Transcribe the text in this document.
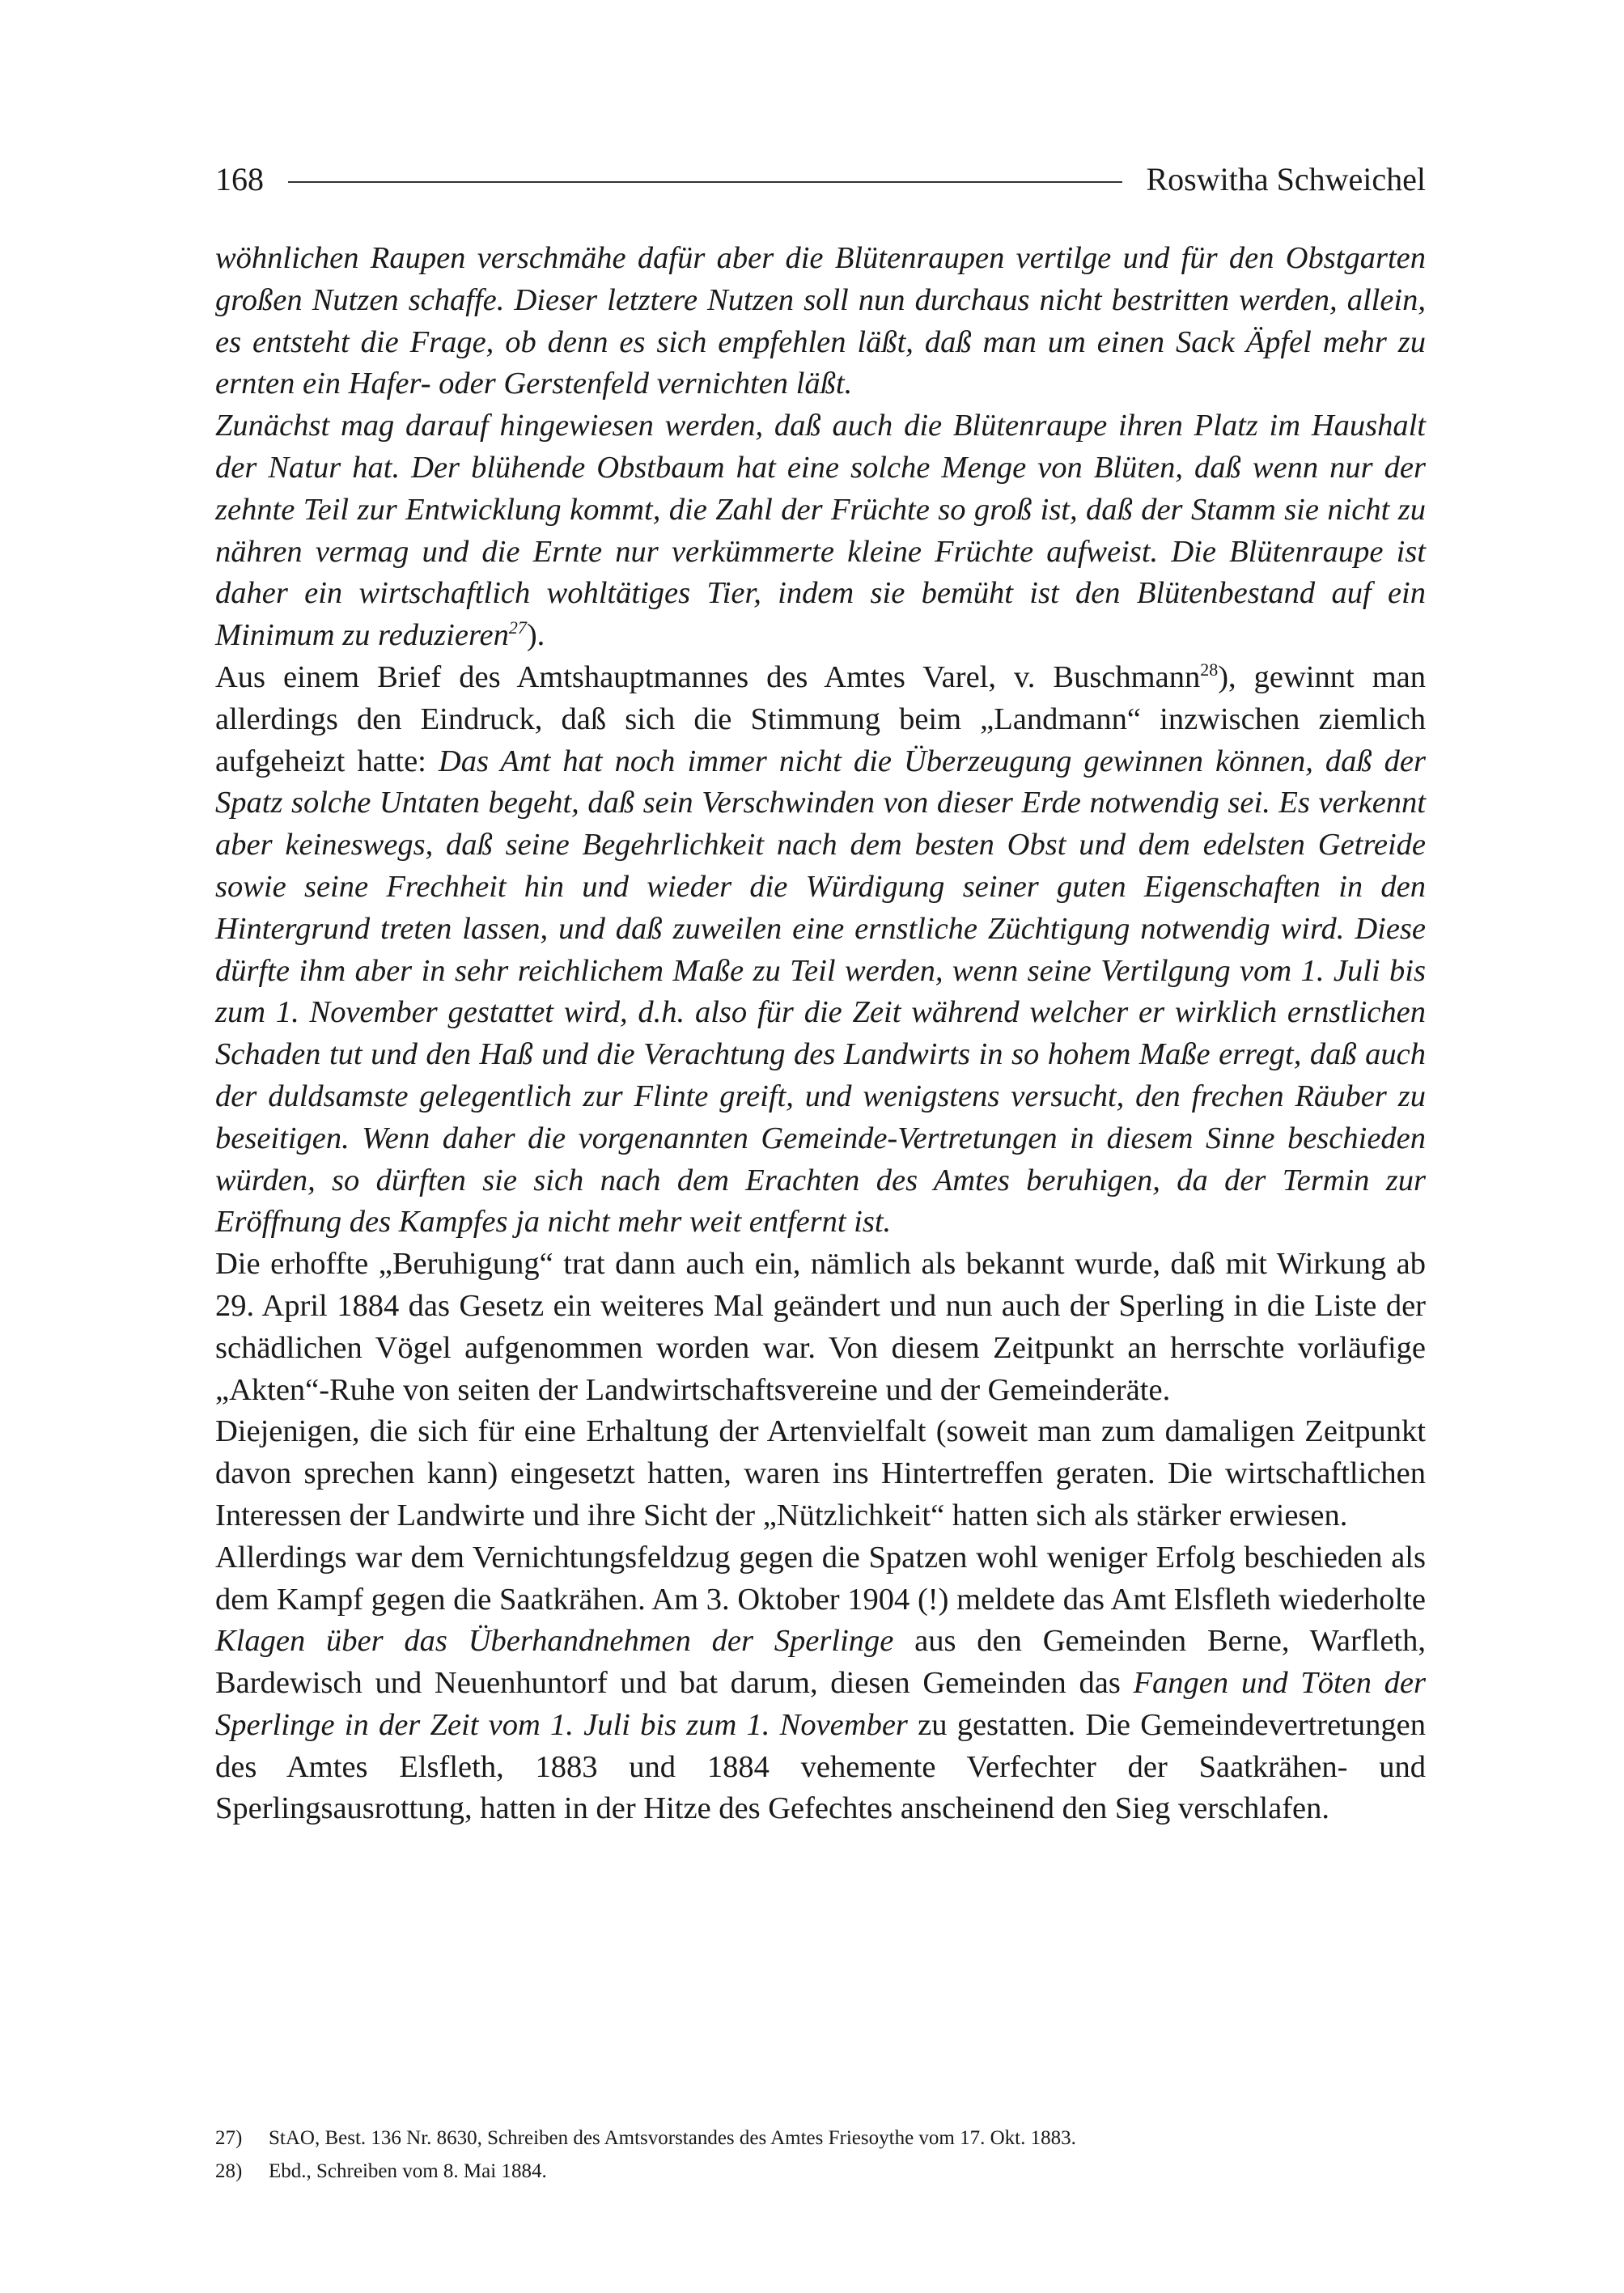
168	Roswitha Schweichel

wöhnlichen Raupen verschmähe dafür aber die Blütenraupen vertilge und für den Obstgarten großen Nutzen schaffe. Dieser letztere Nutzen soll nun durchaus nicht bestritten werden, allein, es entsteht die Frage, ob denn es sich empfehlen läßt, daß man um einen Sack Äpfel mehr zu ernten ein Hafer- oder Gerstenfeld vernichten läßt.

Zunächst mag darauf hingewiesen werden, daß auch die Blütenraupe ihren Platz im Haushalt der Natur hat. Der blühende Obstbaum hat eine solche Menge von Blüten, daß wenn nur der zehnte Teil zur Entwicklung kommt, die Zahl der Früchte so groß ist, daß der Stamm sie nicht zu nähren vermag und die Ernte nur verkümmerte kleine Früchte aufweist. Die Blütenraupe ist daher ein wirtschaftlich wohltätiges Tier, indem sie bemüht ist den Blütenbestand auf ein Minimum zu reduzieren$^{27}$).

Aus einem Brief des Amtshauptmannes des Amtes Varel, v. Buschmann$^{28}$), gewinnt man allerdings den Eindruck, daß sich die Stimmung beim „Landmann“ inzwischen ziemlich aufgeheizt hatte: Das Amt hat noch immer nicht die Überzeugung gewinnen können, daß der Spatz solche Untaten begeht, daß sein Verschwinden von dieser Erde notwendig sei. Es verkennt aber keineswegs, daß seine Begehrlichkeit nach dem besten Obst und dem edelsten Getreide sowie seine Frechheit hin und wieder die Würdigung seiner guten Eigenschaften in den Hintergrund treten lassen, und daß zuweilen eine ernstliche Züchtigung notwendig wird. Diese dürfte ihm aber in sehr reichlichem Maße zu Teil werden, wenn seine Vertilgung vom 1. Juli bis zum 1. November gestattet wird, d.h. also für die Zeit während welcher er wirklich ernstlichen Schaden tut und den Haß und die Verachtung des Landwirts in so hohem Maße erregt, daß auch der duldsamste gelegentlich zur Flinte greift, und wenigstens versucht, den frechen Räuber zu beseitigen. Wenn daher die vorgenannten Gemeinde-Vertretungen in diesem Sinne beschieden würden, so dürften sie sich nach dem Erachten des Amtes beruhigen, da der Termin zur Eröffnung des Kampfes ja nicht mehr weit entfernt ist.

Die erhoffte „Beruhigung“ trat dann auch ein, nämlich als bekannt wurde, daß mit Wirkung ab 29. April 1884 das Gesetz ein weiteres Mal geändert und nun auch der Sperling in die Liste der schädlichen Vögel aufgenommen worden war. Von diesem Zeitpunkt an herrschte vorläufige „Akten“-Ruhe von seiten der Landwirtschaftsvereine und der Gemeinderäte.

Diejenigen, die sich für eine Erhaltung der Artenvielfalt (soweit man zum damaligen Zeitpunkt davon sprechen kann) eingesetzt hatten, waren ins Hintertreffen geraten. Die wirtschaftlichen Interessen der Landwirte und ihre Sicht der „Nützlichkeit“ hatten sich als stärker erwiesen.

Allerdings war dem Vernichtungsfeldzug gegen die Spatzen wohl weniger Erfolg beschieden als dem Kampf gegen die Saatkrähen. Am 3. Oktober 1904 (!) meldete das Amt Elsfleth wiederholte Klagen über das Überhandnehmen der Sperlinge aus den Gemeinden Berne, Warfleth, Bardewisch und Neuenhuntorf und bat darum, diesen Gemeinden das Fangen und Töten der Sperlinge in der Zeit vom 1. Juli bis zum 1. November zu gestatten. Die Gemeindevertretungen des Amtes Elsfleth, 1883 und 1884 vehemente Verfechter der Saatkrähen- und Sperlingsausrottung, hatten in der Hitze des Gefechtes anscheinend den Sieg verschlafen.

27)	StAO, Best. 136 Nr. 8630, Schreiben des Amtsvorstandes des Amtes Friesoythe vom 17. Okt. 1883.
28)	Ebd., Schreiben vom 8. Mai 1884.
